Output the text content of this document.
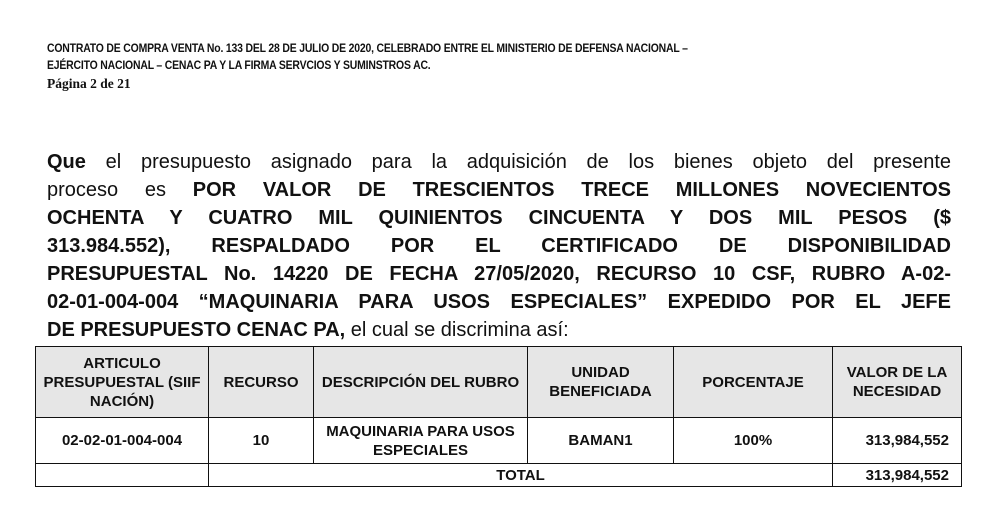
CONTRATO DE COMPRA VENTA No. 133 DEL 28 DE JULIO DE 2020, CELEBRADO ENTRE EL MINISTERIO DE DEFENSA NACIONAL –
EJÉRCITO NACIONAL – CENAC PA Y LA FIRMA SERVCIOS Y SUMINSTROS AC.
Página 2 de 21
Que el presupuesto asignado para la adquisición de los bienes objeto del presente
proceso es POR VALOR DE TRESCIENTOS TRECE MILLONES NOVECIENTOS
OCHENTA Y CUATRO MIL QUINIENTOS CINCUENTA Y DOS MIL PESOS ($
313.984.552), RESPALDADO POR EL CERTIFICADO DE DISPONIBILIDAD
PRESUPUESTAL No. 14220 DE FECHA 27/05/2020, RECURSO 10 CSF, RUBRO A-02-
02-01-004-004 “MAQUINARIA PARA USOS ESPECIALES” EXPEDIDO POR EL JEFE
DE PRESUPUESTO CENAC PA, el cual se discrimina así:
ARTICULO PRESUPUESTAL (SIIF NACIÓN)	RECURSO	DESCRIPCIÓN DEL RUBRO	UNIDAD BENEFICIADA	PORCENTAJE	VALOR DE LA NECESIDAD
02-02-01-004-004	10	MAQUINARIA PARA USOS ESPECIALES	BAMAN1	100%	313,984,552
	TOTAL				313,984,552
